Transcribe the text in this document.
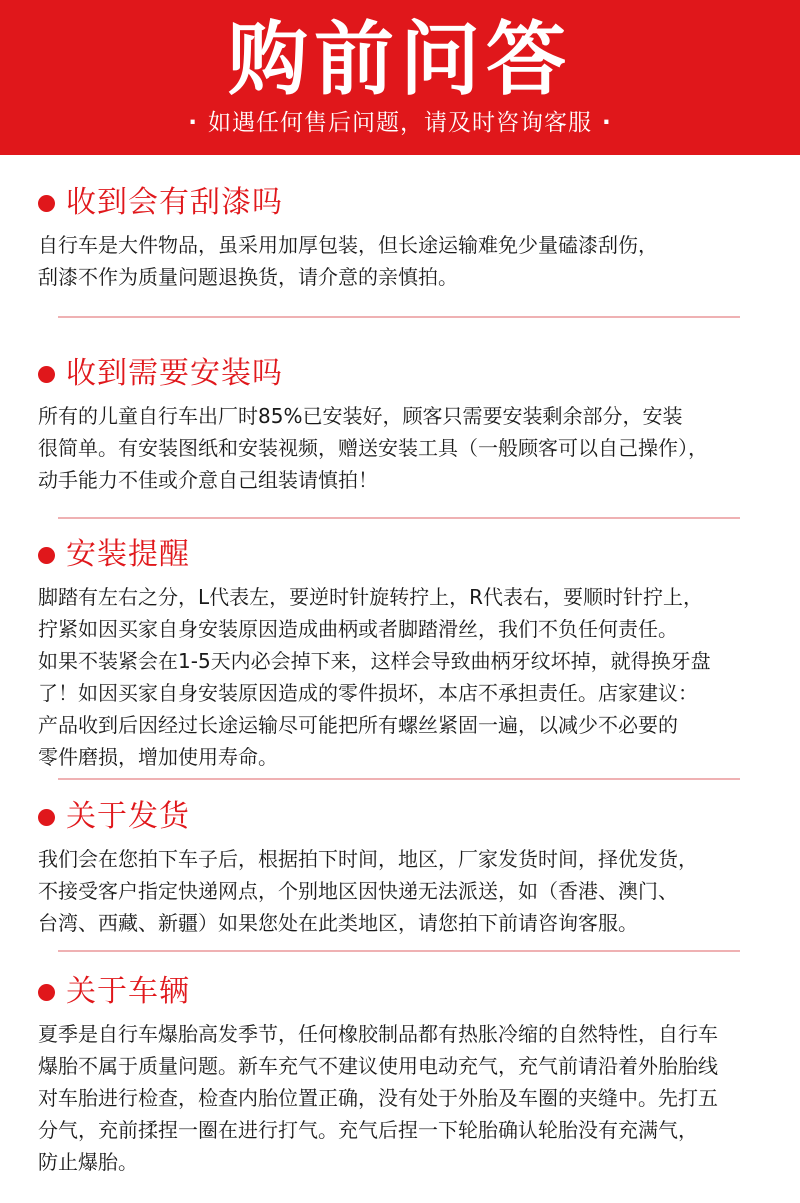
购前问答
· 如遇任何售后问题，请及时咨询客服 ·
收到会有刮漆吗
自行车是大件物品，虽采用加厚包装，但长途运输难免少量磕漆刮伤，
刮漆不作为质量问题退换货，请介意的亲慎拍。
收到需要安装吗
所有的儿童自行车出厂时85%已安装好，顾客只需要安装剩余部分，安装
很简单。有安装图纸和安装视频，赠送安装工具（一般顾客可以自己操作），
动手能力不佳或介意自己组装请慎拍！
安装提醒
脚踏有左右之分，L代表左，要逆时针旋转拧上，R代表右，要顺时针拧上，
拧紧如因买家自身安装原因造成曲柄或者脚踏滑丝，我们不负任何责任。
如果不装紧会在1-5天内必会掉下来，这样会导致曲柄牙纹坏掉，就得换牙盘
了！如因买家自身安装原因造成的零件损坏，本店不承担责任。店家建议：
产品收到后因经过长途运输尽可能把所有螺丝紧固一遍，以减少不必要的
零件磨损，增加使用寿命。
关于发货
我们会在您拍下车子后，根据拍下时间，地区，厂家发货时间，择优发货，
不接受客户指定快递网点，个别地区因快递无法派送，如（香港、澳门、
台湾、西藏、新疆）如果您处在此类地区，请您拍下前请咨询客服。
关于车辆
夏季是自行车爆胎高发季节，任何橡胶制品都有热胀冷缩的自然特性，自行车
爆胎不属于质量问题。新车充气不建议使用电动充气，充气前请沿着外胎胎线
对车胎进行检查，检查内胎位置正确，没有处于外胎及车圈的夹缝中。先打五
分气，充前揉捏一圈在进行打气。充气后捏一下轮胎确认轮胎没有充满气，
防止爆胎。
